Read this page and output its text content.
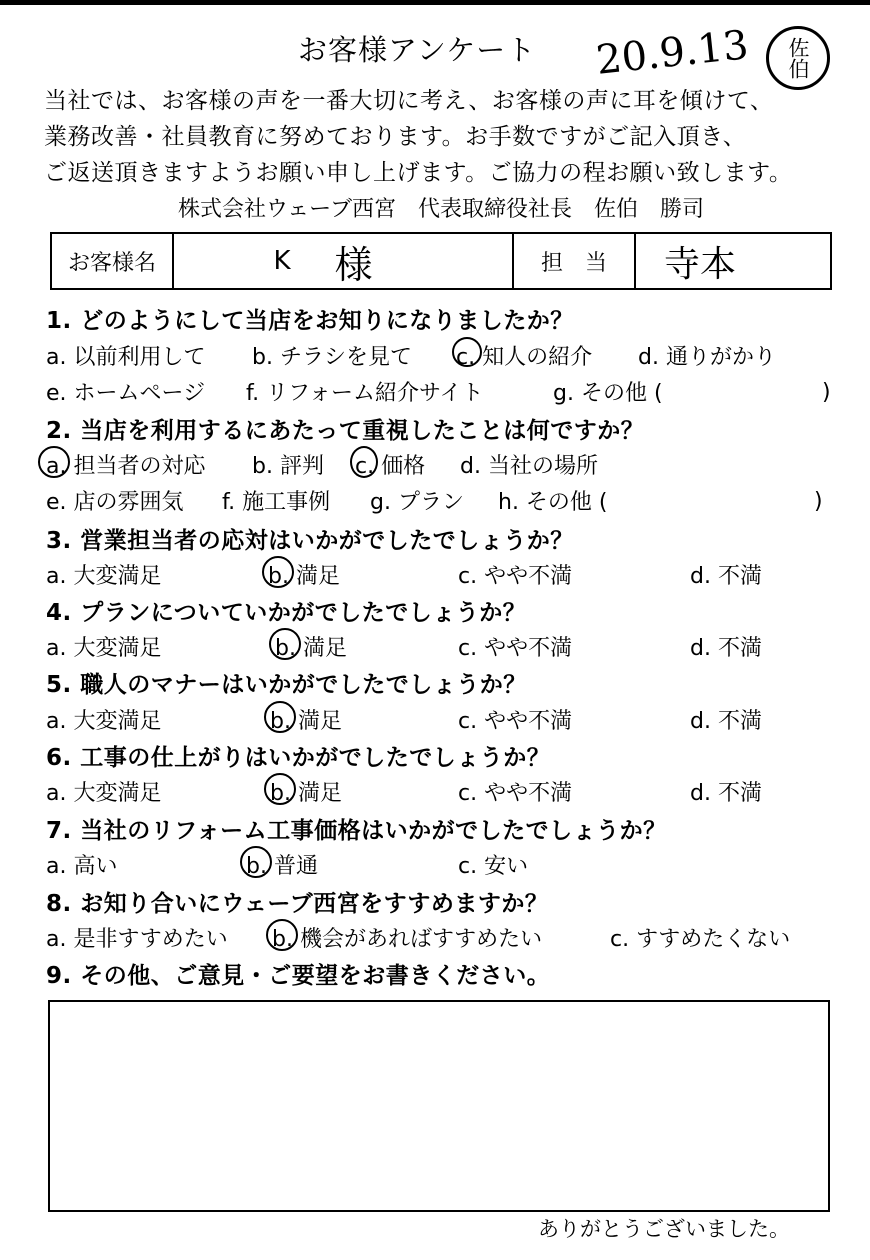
お客様アンケート 20.9.13 佐伯
当社では、お客様の声を一番大切に考え、お客様の声に耳を傾けて、
業務改善・社員教育に努めております。お手数ですがご記入頂き、
ご返送頂きますようお願い申し上げます。ご協力の程お願い致します。
株式会社ウェーブ西宮　代表取締役社長　佐伯　勝司
お客様名	K 様	担　当	寺本
1. どのようにして当店をお知りになりましたか？
a. 以前利用して b. チラシを見て c. 知人の紹介 d. 通りがかり
e. ホームページ f. リフォーム紹介サイト	g. その他 (	)
2. 当店を利用するにあたって重視したことは何ですか？
a. 担当者の対応 b. 評判 c. 価格 d. 当社の場所
e. 店の雰囲気 f. 施工事例 g. プラン h. その他 (	)
3. 営業担当者の応対はいかがでしたでしょうか？
a. 大変満足	b. 満足	c. やや不満	d. 不満
4. プランについていかがでしたでしょうか？
a. 大変満足	b. 満足	c. やや不満	d. 不満
5. 職人のマナーはいかがでしたでしょうか？
a. 大変満足	b. 満足	c. やや不満	d. 不満
6. 工事の仕上がりはいかがでしたでしょうか？
a. 大変満足	b. 満足	c. やや不満	d. 不満
7. 当社のリフォーム工事価格はいかがでしたでしょうか？
a. 高い	b. 普通	c. 安い
8. お知り合いにウェーブ西宮をすすめますか？
a. 是非すすめたい b. 機会があればすすめたい	c. すすめたくない
9. その他、ご意見・ご要望をお書きください。
ありがとうございました。
